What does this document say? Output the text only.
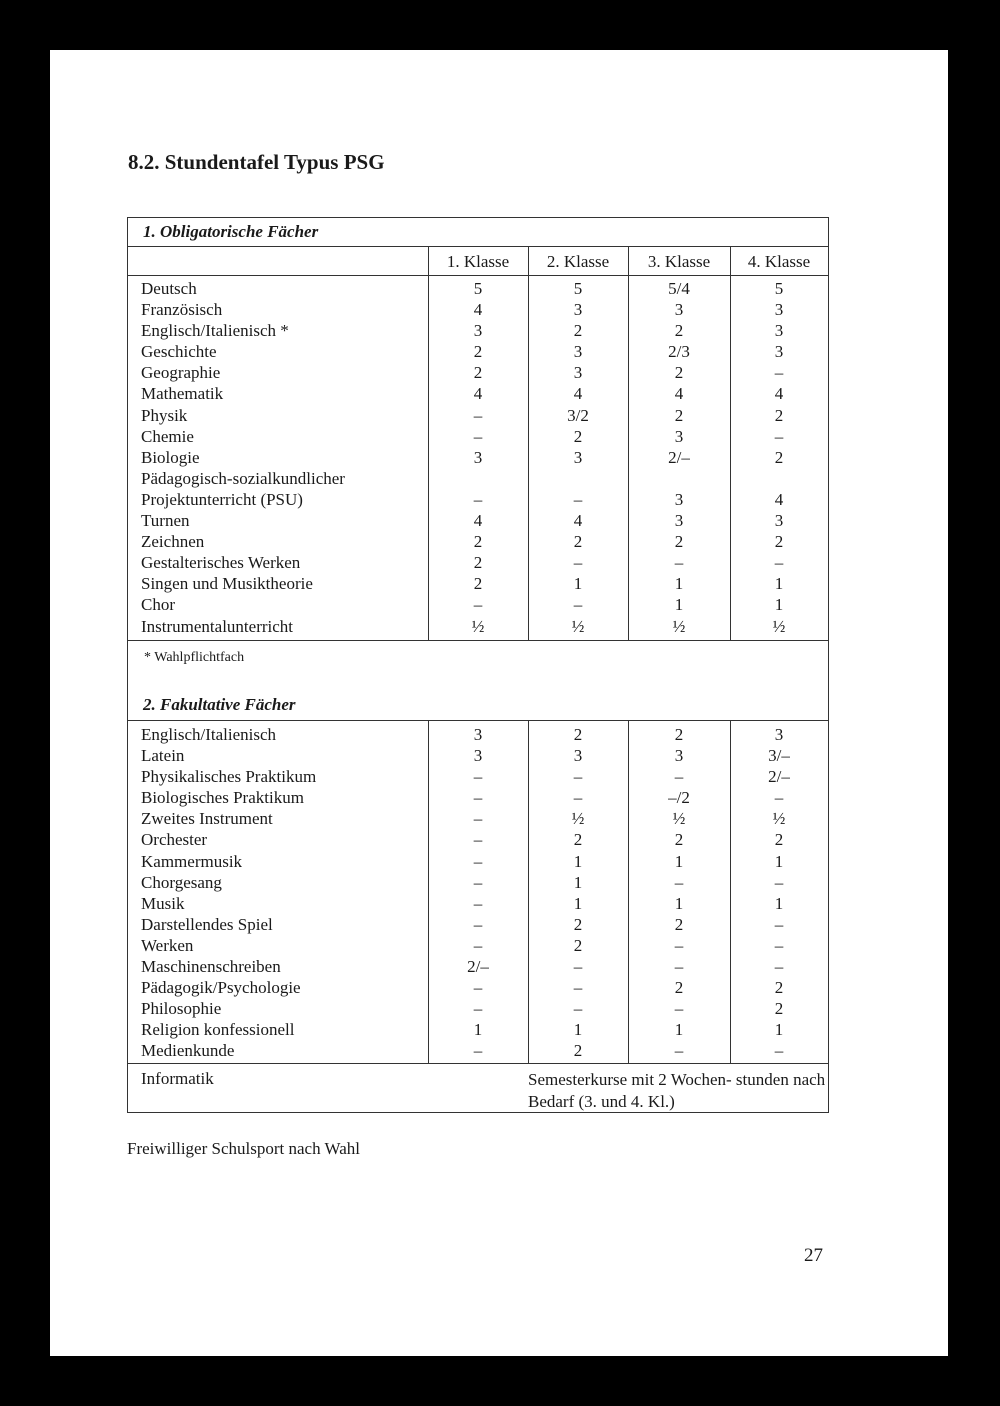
8.2. Stundentafel Typus PSG
1. Obligatorische Fächer
1. Klasse	2. Klasse	3. Klasse	4. Klasse
Deutsch	5	5	5/4	5
Französisch	4	3	3	3
Englisch/Italienisch *	3	2	2	3
Geschichte	2	3	2/3	3
Geographie	2	3	2	–
Mathematik	4	4	4	4
Physik	–	3/2	2	2
Chemie	–	2	3	–
Biologie	3	3	2/–	2
Pädagogisch-sozialkundlicher
Projektunterricht (PSU)	–	–	3	4
Turnen	4	4	3	3
Zeichnen	2	2	2	2
Gestalterisches Werken	2	–	–	–
Singen und Musiktheorie	2	1	1	1
Chor	–	–	1	1
Instrumentalunterricht	½	½	½	½
* Wahlpflichtfach
2. Fakultative Fächer
Englisch/Italienisch	3	2	2	3
Latein	3	3	3	3/–
Physikalisches Praktikum	–	–	–	2/–
Biologisches Praktikum	–	–	–/2	–
Zweites Instrument	–	½	½	½
Orchester	–	2	2	2
Kammermusik	–	1	1	1
Chorgesang	–	1	–	–
Musik	–	1	1	1
Darstellendes Spiel	–	2	2	–
Werken	–	2	–	–
Maschinenschreiben	2/–	–	–	–
Pädagogik/Psychologie	–	–	2	2
Philosophie	–	–	–	2
Religion konfessionell	1	1	1	1
Medienkunde	–	2	–	–
Informatik	Semesterkurse mit 2 Wochen- stunden nach Bedarf (3. und 4. Kl.)
Freiwilliger Schulsport nach Wahl
27
